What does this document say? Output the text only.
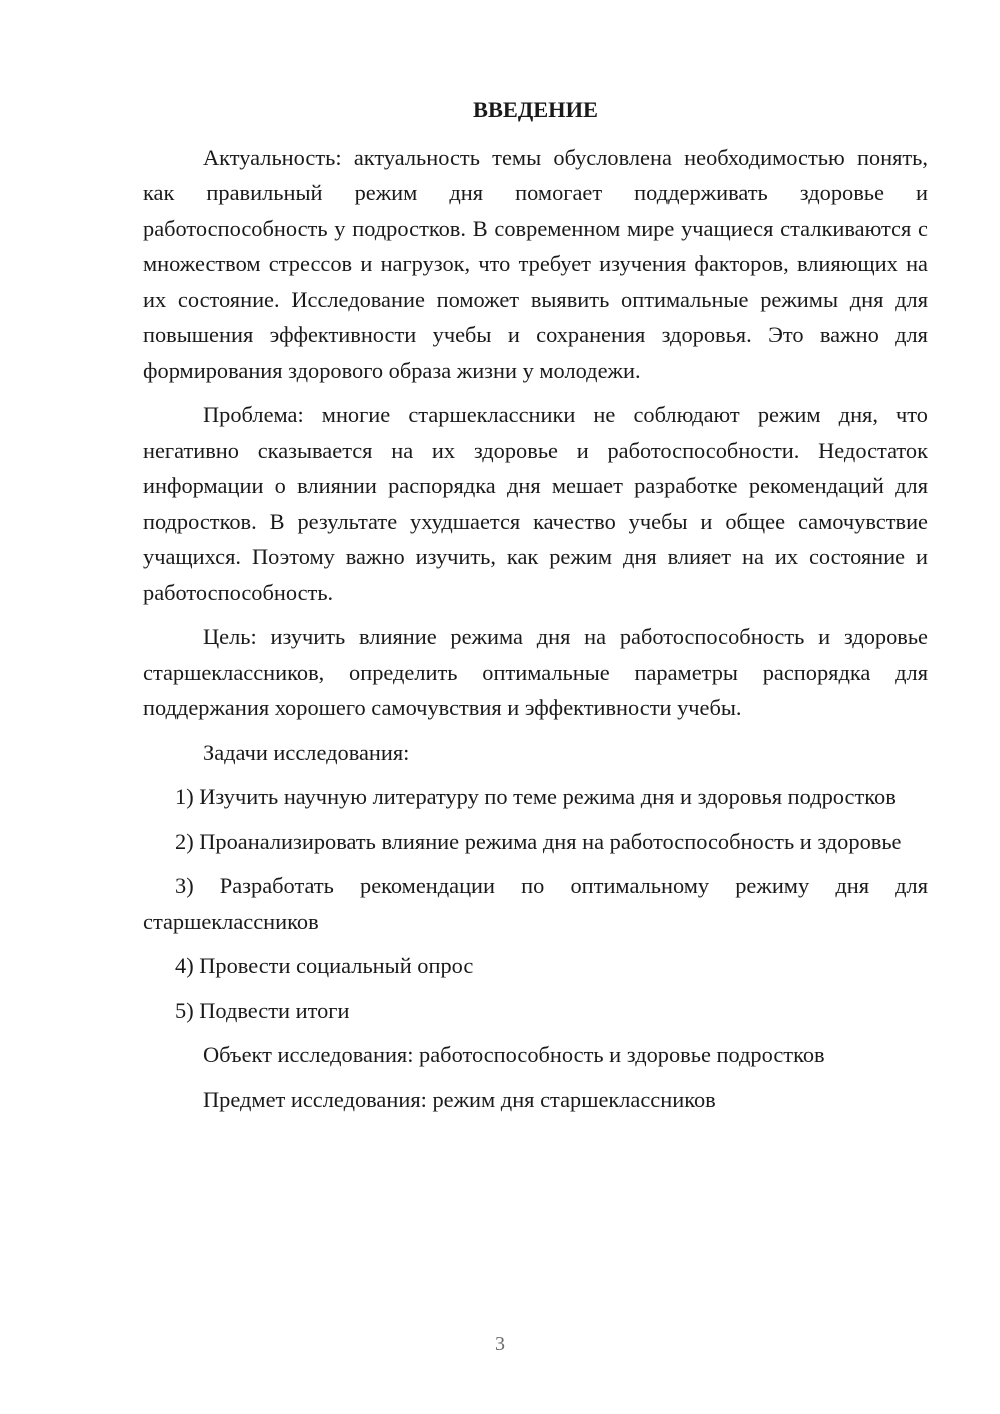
ВВЕДЕНИЕ

Актуальность: актуальность темы обусловлена необходимостью понять, как правильный режим дня помогает поддерживать здоровье и работоспособность у подростков. В современном мире учащиеся сталкиваются с множеством стрессов и нагрузок, что требует изучения факторов, влияющих на их состояние. Исследование поможет выявить оптимальные режимы дня для повышения эффективности учебы и сохранения здоровья. Это важно для формирования здорового образа жизни у молодежи.

Проблема: многие старшеклассники не соблюдают режим дня, что негативно сказывается на их здоровье и работоспособности. Недостаток информации о влиянии распорядка дня мешает разработке рекомендаций для подростков. В результате ухудшается качество учебы и общее самочувствие учащихся. Поэтому важно изучить, как режим дня влияет на их состояние и работоспособность.

Цель: изучить влияние режима дня на работоспособность и здоровье старшеклассников, определить оптимальные параметры распорядка для поддержания хорошего самочувствия и эффективности учебы.

Задачи исследования:

1) Изучить научную литературу по теме режима дня и здоровья подростков

2) Проанализировать влияние режима дня на работоспособность и здоровье

3) Разработать рекомендации по оптимальному режиму дня для старшеклассников

4) Провести социальный опрос

5) Подвести итоги

Объект исследования: работоспособность и здоровье подростков

Предмет исследования: режим дня старшеклассников

3
